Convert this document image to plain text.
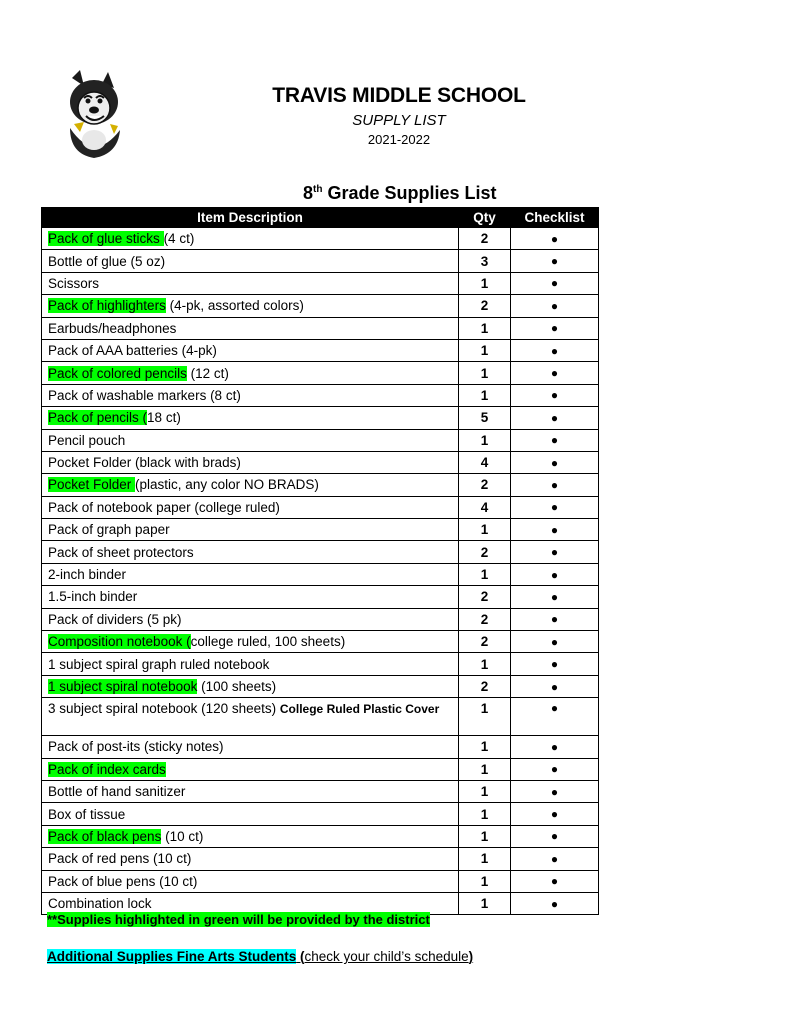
TRAVIS MIDDLE SCHOOL
SUPPLY LIST
2021-2022
8th Grade Supplies List
Item Description	Qty	Checklist
Pack of glue sticks (4 ct)	2	●
Bottle of glue (5 oz)	3	●
Scissors	1	●
Pack of highlighters (4-pk, assorted colors)	2	●
Earbuds/headphones	1	●
Pack of AAA batteries (4-pk)	1	●
Pack of colored pencils (12 ct)	1	●
Pack of washable markers (8 ct)	1	●
Pack of pencils (18 ct)	5	●
Pencil pouch	1	●
Pocket Folder (black with brads)	4	●
Pocket Folder (plastic, any color NO BRADS)	2	●
Pack of notebook paper (college ruled)	4	●
Pack of graph paper	1	●
Pack of sheet protectors	2	●
2-inch binder	1	●
1.5-inch binder	2	●
Pack of dividers (5 pk)	2	●
Composition notebook (college ruled, 100 sheets)	2	●
1 subject spiral graph ruled notebook	1	●
1 subject spiral notebook (100 sheets)	2	●
3 subject spiral notebook (120 sheets) College Ruled Plastic Cover	1	●
Pack of post-its (sticky notes)	1	●
Pack of index cards	1	●
Bottle of hand sanitizer	1	●
Box of tissue	1	●
Pack of black pens (10 ct)	1	●
Pack of red pens (10 ct)	1	●
Pack of blue pens (10 ct)	1	●
Combination lock	1	●
**Supplies highlighted in green will be provided by the district
Additional Supplies Fine Arts Students (check your child’s schedule)
